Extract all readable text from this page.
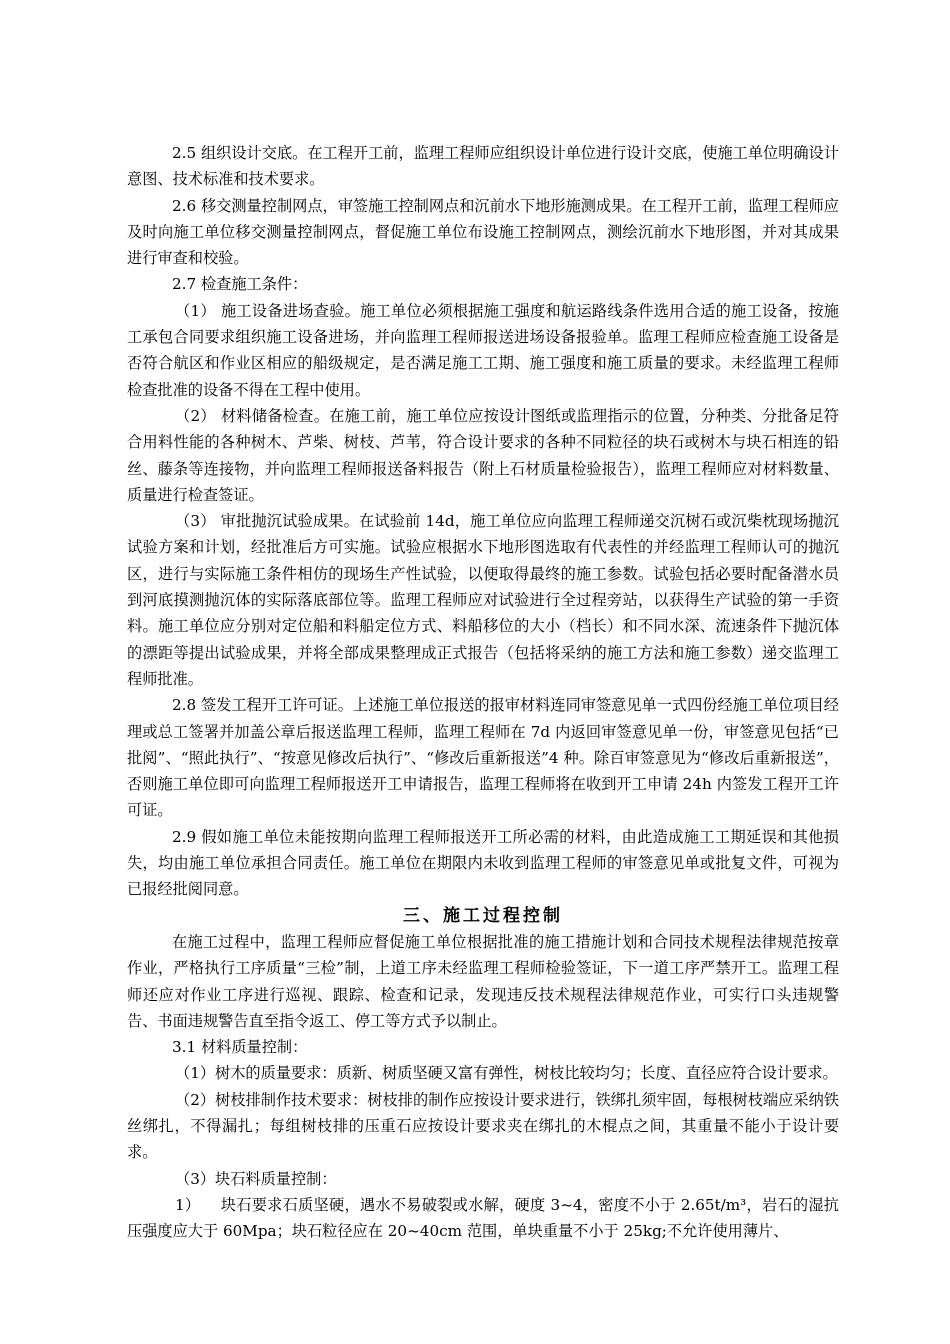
2.5 组织设计交底。在工程开工前，监理工程师应组织设计单位进行设计交底，使施工单位明确设计意图、技术标准和技术要求。

2.6 移交测量控制网点，审签施工控制网点和沉前水下地形施测成果。在工程开工前，监理工程师应及时向施工单位移交测量控制网点，督促施工单位布设施工控制网点，测绘沉前水下地形图，并对其成果进行审查和校验。

2.7 检查施工条件：

（1） 施工设备进场查验。施工单位必须根据施工强度和航运路线条件选用合适的施工设备，按施工承包合同要求组织施工设备进场，并向监理工程师报送进场设备报验单。监理工程师应检查施工设备是否符合航区和作业区相应的船级规定，是否满足施工工期、施工强度和施工质量的要求。未经监理工程师检查批准的设备不得在工程中使用。

（2） 材料储备检查。在施工前，施工单位应按设计图纸或监理指示的位置，分种类、分批备足符合用料性能的各种树木、芦柴、树枝、芦苇，符合设计要求的各种不同粒径的块石或树木与块石相连的铅丝、藤条等连接物，并向监理工程师报送备料报告（附上石材质量检验报告），监理工程师应对材料数量、质量进行检查签证。

（3） 审批抛沉试验成果。在试验前 14d，施工单位应向监理工程师递交沉树石或沉柴枕现场抛沉试验方案和计划，经批准后方可实施。试验应根据水下地形图选取有代表性的并经监理工程师认可的抛沉区，进行与实际施工条件相仿的现场生产性试验，以便取得最终的施工参数。试验包括必要时配备潜水员到河底摸测抛沉体的实际落底部位等。监理工程师应对试验进行全过程旁站，以获得生产试验的第一手资料。施工单位应分别对定位船和料船定位方式、料船移位的大小（档长）和不同水深、流速条件下抛沉体的漂距等提出试验成果，并将全部成果整理成正式报告（包括将采纳的施工方法和施工参数）递交监理工程师批准。

2.8 签发工程开工许可证。上述施工单位报送的报审材料连同审签意见单一式四份经施工单位项目经理或总工签署并加盖公章后报送监理工程师，监理工程师在 7d 内返回审签意见单一份，审签意见包括“已批阅”、“照此执行”、“按意见修改后执行”、“修改后重新报送”4 种。除百审签意见为“修改后重新报送”，否则施工单位即可向监理工程师报送开工申请报告，监理工程师将在收到开工申请 24h 内签发工程开工许可证。

2.9 假如施工单位未能按期向监理工程师报送开工所必需的材料，由此造成施工工期延误和其他损失，均由施工单位承担合同责任。施工单位在期限内未收到监理工程师的审签意见单或批复文件，可视为已报经批阅同意。

三、施工过程控制

在施工过程中，监理工程师应督促施工单位根据批准的施工措施计划和合同技术规程法律规范按章作业，严格执行工序质量“三检”制，上道工序未经监理工程师检验签证，下一道工序严禁开工。监理工程师还应对作业工序进行巡视、跟踪、检查和记录，发现违反技术规程法律规范作业，可实行口头违规警告、书面违规警告直至指令返工、停工等方式予以制止。

3.1 材料质量控制：

（1）树木的质量要求：质新、树质坚硬又富有弹性，树枝比较均匀；长度、直径应符合设计要求。

（2）树枝排制作技术要求：树枝排的制作应按设计要求进行，铁绑扎须牢固，每根树枝端应采纳铁丝绑扎，不得漏扎；每组树枝排的压重石应按设计要求夹在绑扎的木棍点之间，其重量不能小于设计要求。

（3）块石料质量控制：

1）    块石要求石质坚硬，遇水不易破裂或水解，硬度 3~4，密度不小于 2.65t/m³，岩石的湿抗压强度应大于 60Mpa；块石粒径应在 20~40cm 范围，单块重量不小于 25kg;不允许使用薄片、
